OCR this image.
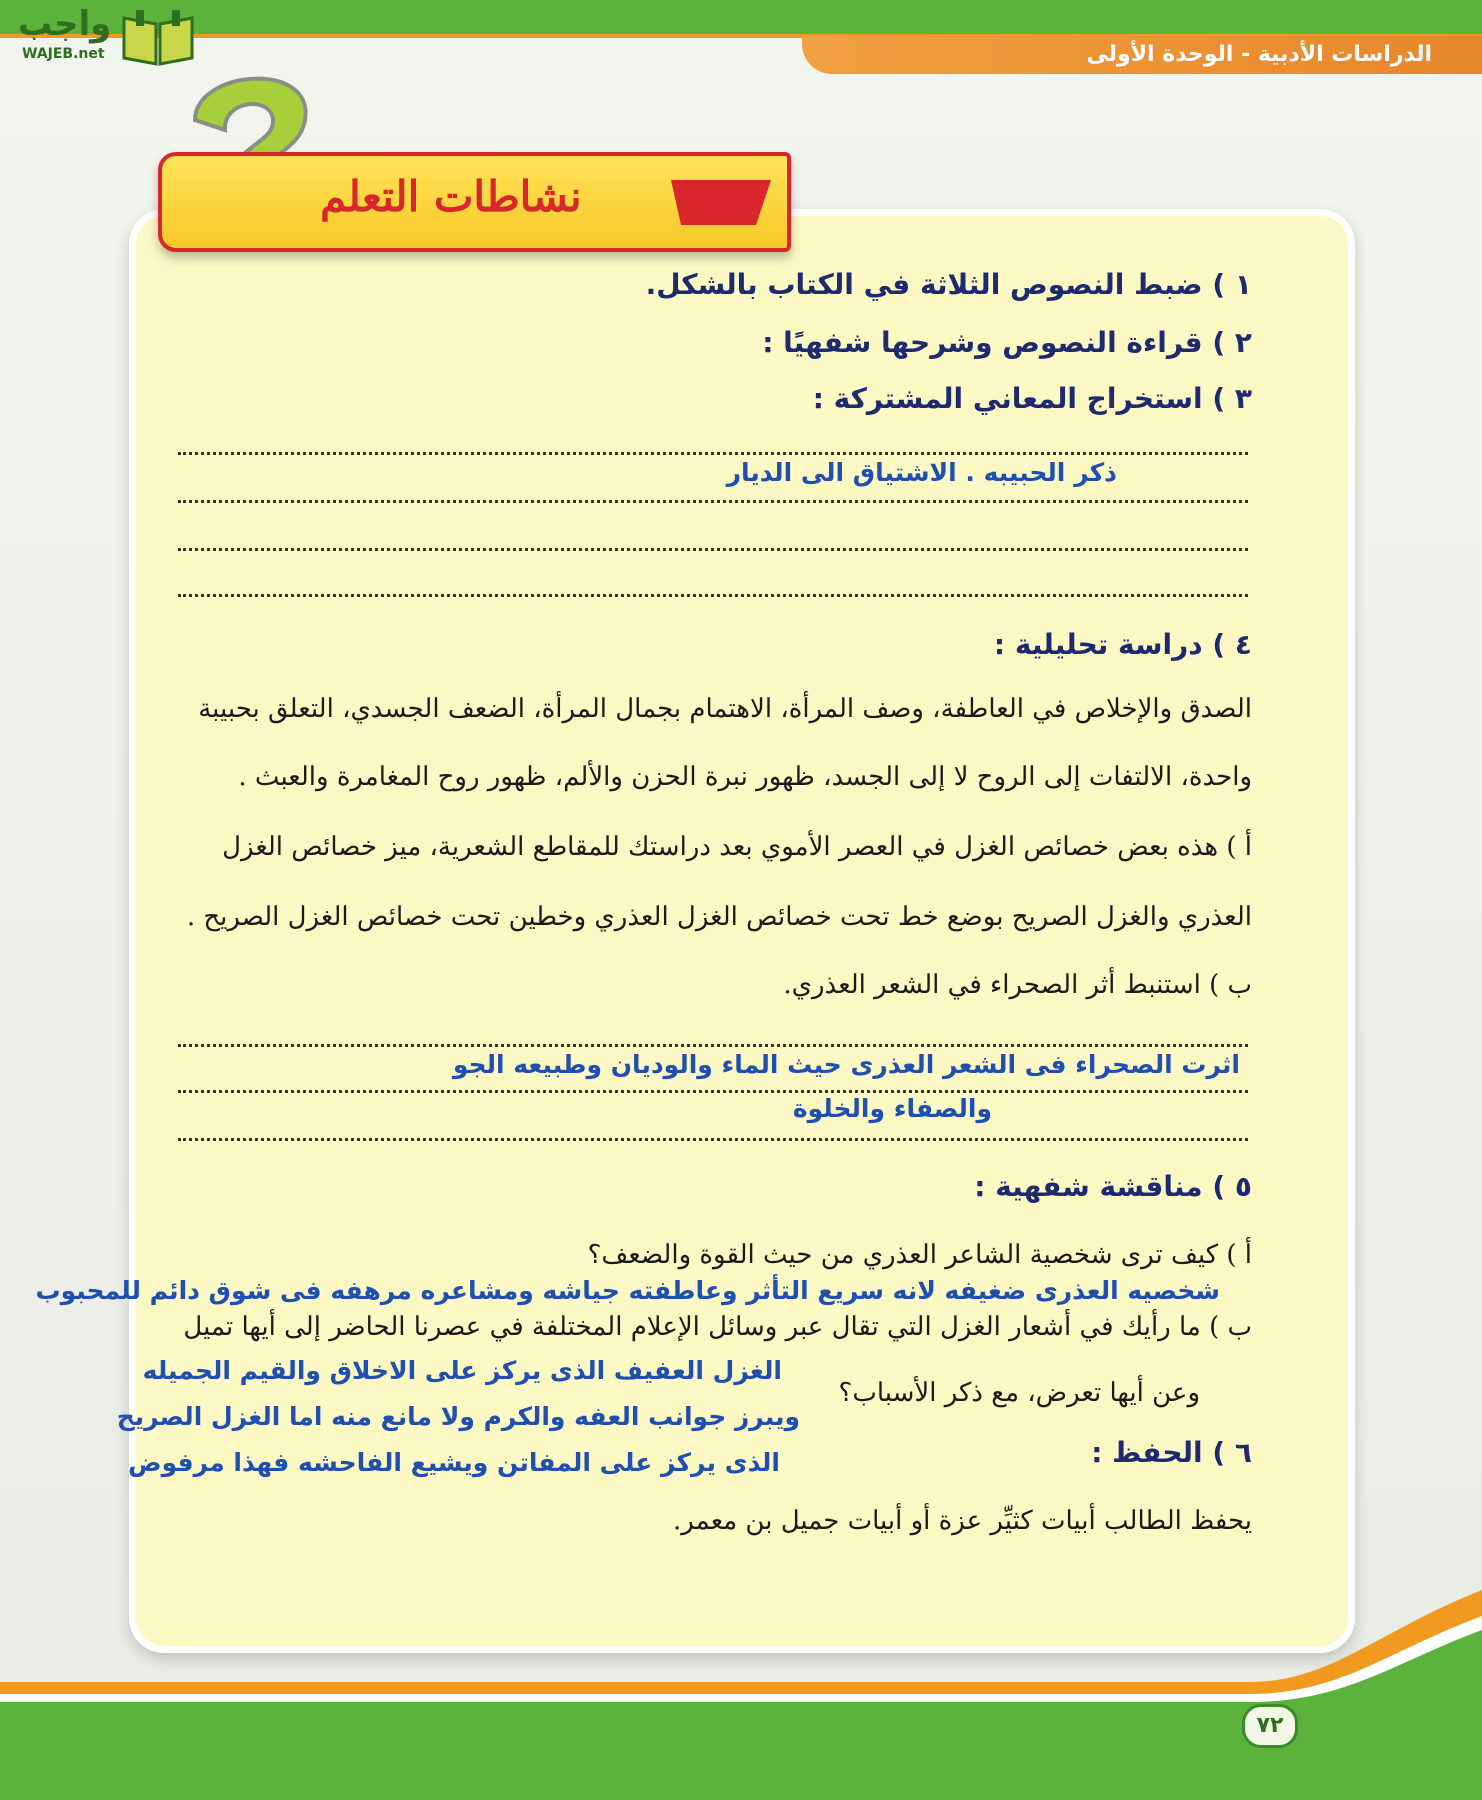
الدراسات الأدبية - الوحدة الأولى
واجب
WAJEB.net
نشاطات التعلم
١ ) ضبط النصوص الثلاثة في الكتاب بالشكل.
٢ ) قراءة النصوص وشرحها شفهيًا :
٣ ) استخراج المعاني المشتركة :
ذكر الحبيبه . الاشتياق الى الديار
٤ ) دراسة تحليلية :
الصدق والإخلاص في العاطفة، وصف المرأة، الاهتمام بجمال المرأة، الضعف الجسدي، التعلق بحبيبة
واحدة، الالتفات إلى الروح لا إلى الجسد، ظهور نبرة الحزن والألم، ظهور روح المغامرة والعبث .
أ ) هذه بعض خصائص الغزل في العصر الأموي بعد دراستك للمقاطع الشعرية، ميز خصائص الغزل
العذري والغزل الصريح بوضع خط تحت خصائص الغزل العذري وخطين تحت خصائص الغزل الصريح .
ب ) استنبط أثر الصحراء في الشعر العذري.
اثرت الصحراء فى الشعر العذرى حيث الماء والوديان وطبيعه الجو
والصفاء والخلوة
٥ ) مناقشة شفهية :
أ ) كيف ترى شخصية الشاعر العذري من حيث القوة والضعف؟
شخصيه العذرى ضغيفه لانه سريع التأثر وعاطفته جياشه ومشاعره مرهفه فى شوق دائم للمحبوب
ب ) ما رأيك في أشعار الغزل التي تقال عبر وسائل الإعلام المختلفة في عصرنا الحاضر إلى أيها تميل
الغزل العفيف الذى يركز على الاخلاق والقيم الجميله
وعن أيها تعرض، مع ذكر الأسباب؟
ويبرز جوانب العفه والكرم ولا مانع منه اما الغزل الصريح
٦ ) الحفظ :
الذى يركز على المفاتن ويشيع الفاحشه فهذا مرفوض
يحفظ الطالب أبيات كثيِّر عزة أو أبيات جميل بن معمر.
٧٢
